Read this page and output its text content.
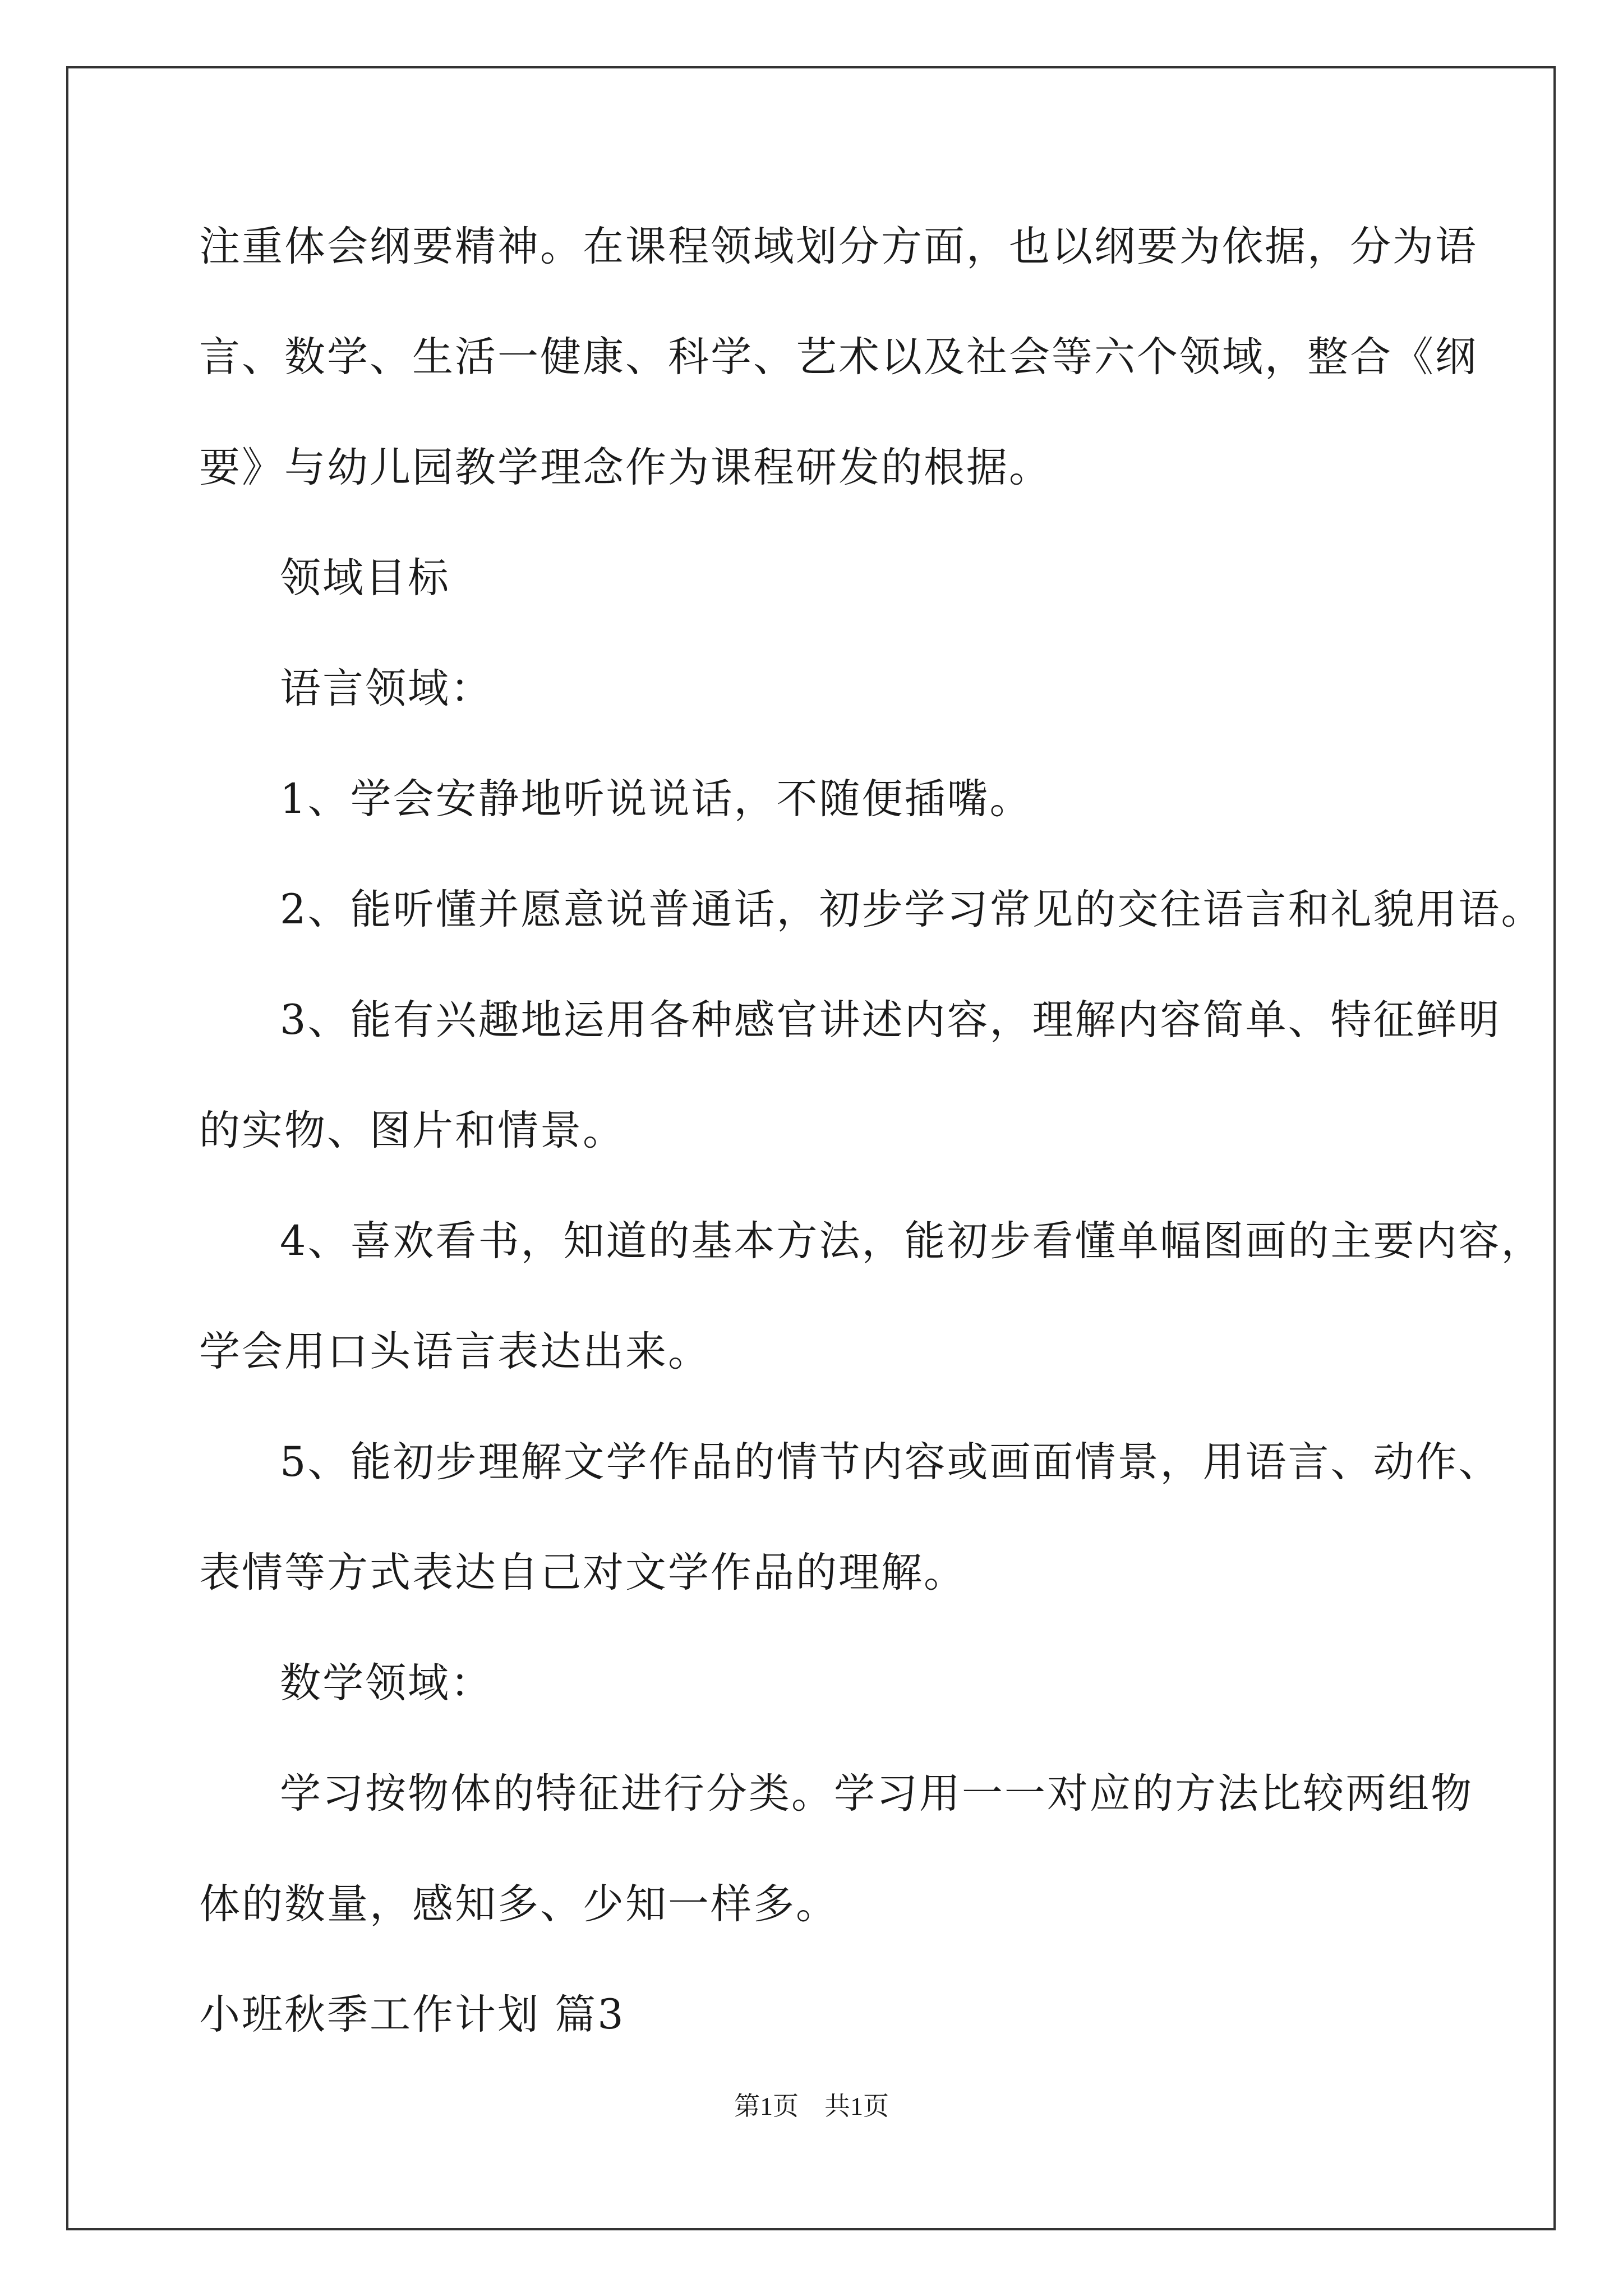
注重体会纲要精神。在课程领域划分方面，也以纲要为依据，分为语
言、数学、生活一健康、科学、艺术以及社会等六个领域，整合《纲
要》与幼儿园教学理念作为课程研发的根据。
领域目标
语言领域：
1、学会安静地听说说话，不随便插嘴。
2、能听懂并愿意说普通话，初步学习常见的交往语言和礼貌用语。
3、能有兴趣地运用各种感官讲述内容，理解内容简单、特征鲜明
的实物、图片和情景。
4、喜欢看书，知道的基本方法，能初步看懂单幅图画的主要内容，
学会用口头语言表达出来。
5、能初步理解文学作品的情节内容或画面情景，用语言、动作、
表情等方式表达自己对文学作品的理解。
数学领域：
学习按物体的特征进行分类。学习用一一对应的方法比较两组物
体的数量，感知多、少知一样多。
小班秋季工作计划 篇3
第1页　共1页
